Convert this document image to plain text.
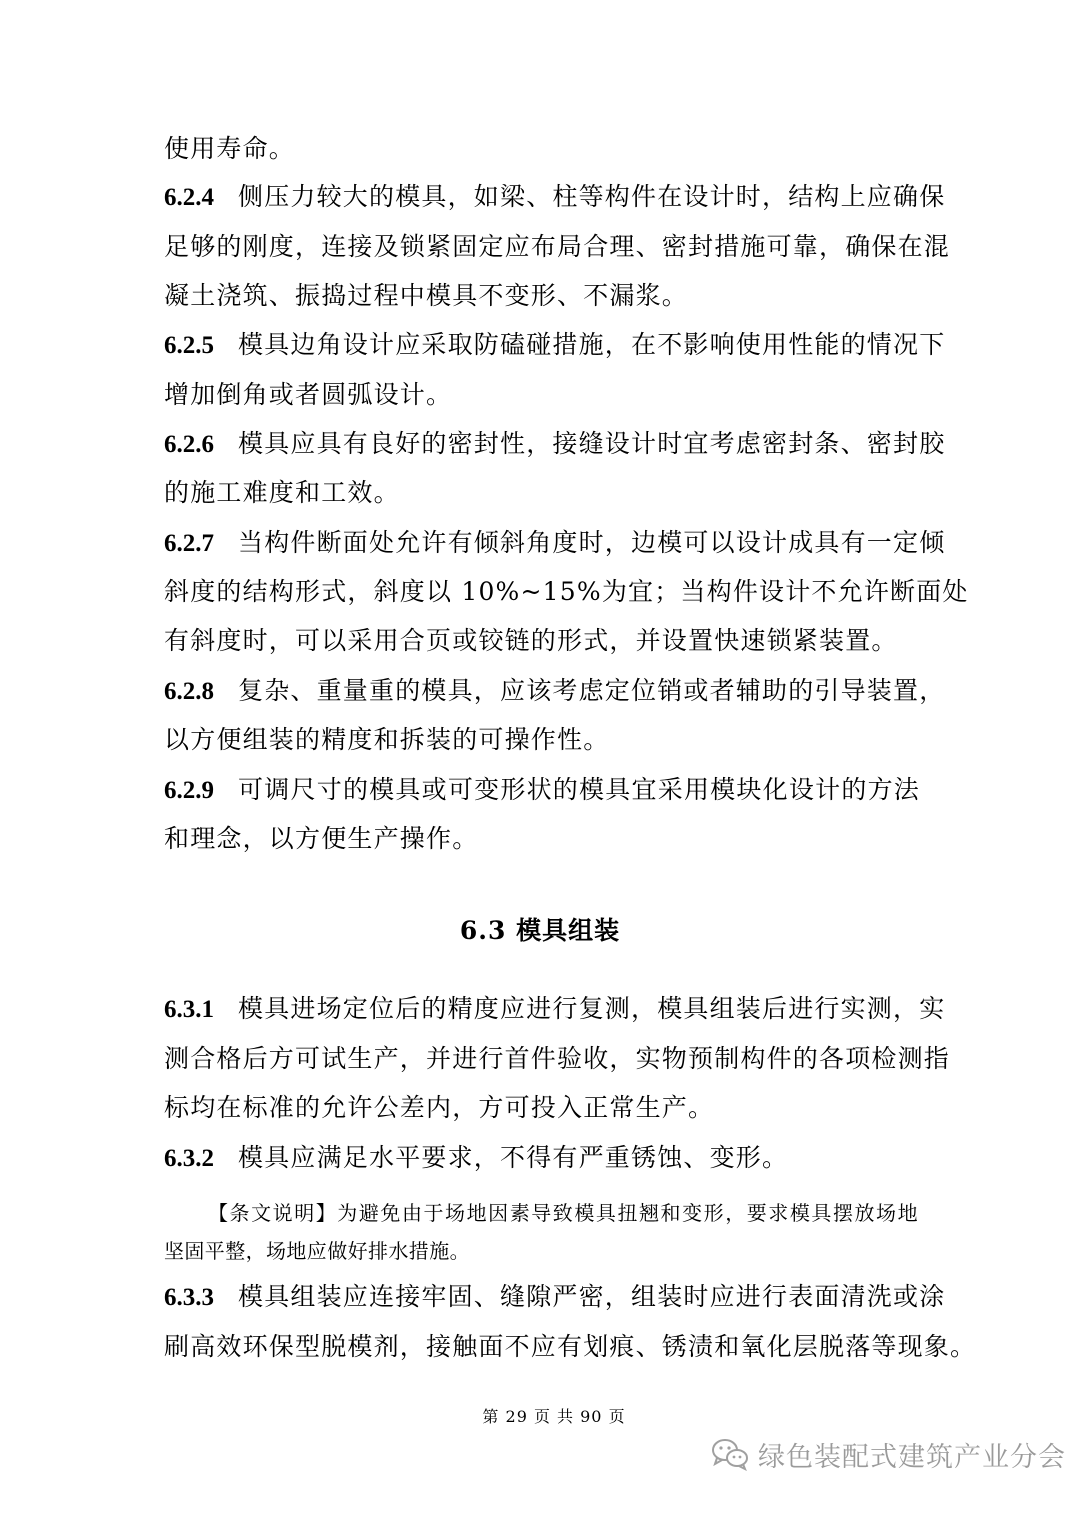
使用寿命。
6.2.4 侧压力较大的模具，如梁、柱等构件在设计时，结构上应确保
足够的刚度，连接及锁紧固定应布局合理、密封措施可靠，确保在混
凝土浇筑、振捣过程中模具不变形、不漏浆。
6.2.5 模具边角设计应采取防磕碰措施，在不影响使用性能的情况下
增加倒角或者圆弧设计。
6.2.6 模具应具有良好的密封性，接缝设计时宜考虑密封条、密封胶
的施工难度和工效。
6.2.7 当构件断面处允许有倾斜角度时，边模可以设计成具有一定倾
斜度的结构形式，斜度以 10%~15%为宜；当构件设计不允许断面处
有斜度时，可以采用合页或铰链的形式，并设置快速锁紧装置。
6.2.8 复杂、重量重的模具，应该考虑定位销或者辅助的引导装置，
以方便组装的精度和拆装的可操作性。
6.2.9 可调尺寸的模具或可变形状的模具宜采用模块化设计的方法
和理念，以方便生产操作。
6.3.1 模具进场定位后的精度应进行复测，模具组装后进行实测，实
测合格后方可试生产，并进行首件验收，实物预制构件的各项检测指
标均在标准的允许公差内，方可投入正常生产。
6.3.2 模具应满足水平要求，不得有严重锈蚀、变形。
6.3.3 模具组装应连接牢固、缝隙严密，组装时应进行表面清洗或涂
刷高效环保型脱模剂，接触面不应有划痕、锈渍和氧化层脱落等现象。
6.3 模具组装
【条文说明】为避免由于场地因素导致模具扭翘和变形，要求模具摆放场地
坚固平整，场地应做好排水措施。
第 29 页 共 90 页
绿色装配式建筑产业分会
